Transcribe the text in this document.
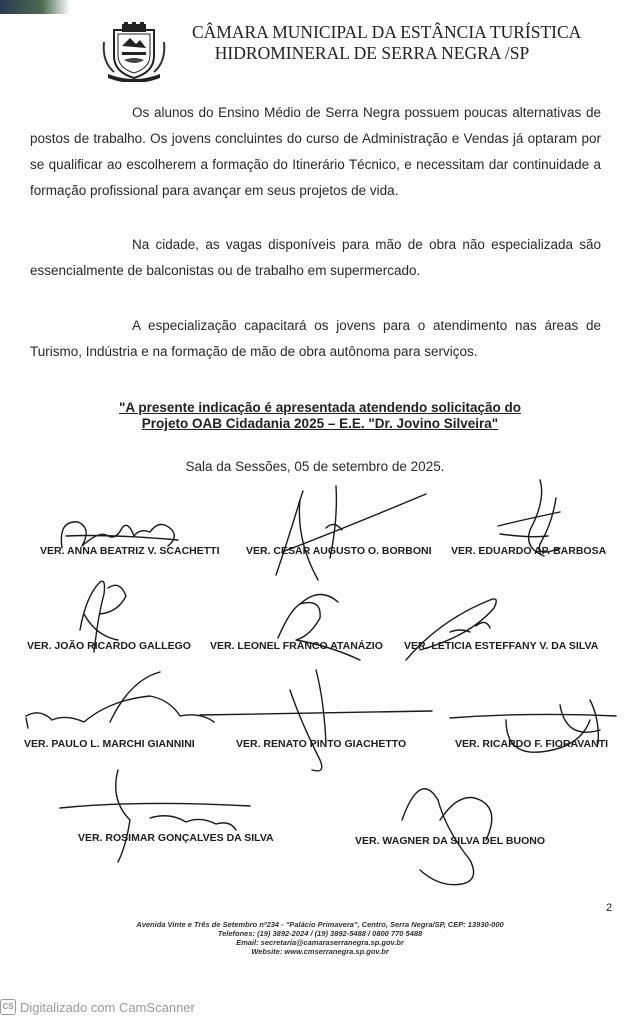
CÂMARA MUNICIPAL DA ESTÂNCIA TURÍSTICA
HIDROMINERAL DE SERRA NEGRA /SP
Os alunos do Ensino Médio de Serra Negra possuem poucas alternativas de postos de trabalho. Os jovens concluintes do curso de Administração e Vendas já optaram por se qualificar ao escolherem a formação do Itinerário Técnico, e necessitam dar continuidade a formação profissional para avançar em seus projetos de vida.
Na cidade, as vagas disponíveis para mão de obra não especializada são essencialmente de balconistas ou de trabalho em supermercado.
A especialização capacitará os jovens para o atendimento nas áreas de Turismo, Indústria e na formação de mão de obra autônoma para serviços.
"A presente indicação é apresentada atendendo solicitação do
Projeto OAB Cidadania 2025 – E.E. "Dr. Jovino Silveira"
Sala da Sessões, 05 de setembro de 2025.
VER. ANNA BEATRIZ V. SCACHETTI	VER. CESAR AUGUSTO O. BORBONI VER. EDUARDO AP. BARBOSA
VER. JOÃO RICARDO GALLEGO VER. LEONEL FRANCO ATANÁZIO VER. LETICIA ESTEFFANY V. DA SILVA
VER. PAULO L. MARCHI GIANNINI	VER. RENATO PINTO GIACHETTO	VER. RICARDO F. FIORAVANTI
VER. ROSIMAR GONÇALVES DA SILVA	VER. WAGNER DA SILVA DEL BUONO
2
Avenida Vinte e Três de Setembro nº234 - "Palácio Primavera", Centro, Serra Negra/SP, CEP: 13930-000
Telefones: (19) 3892-2024 / (19) 3892-5488 / 0800 770 5488
Email: secretaria@camaraserranegra.sp.gov.br
Website: www.cmserranegra.sp.gov.br
CS Digitalizado com CamScanner
